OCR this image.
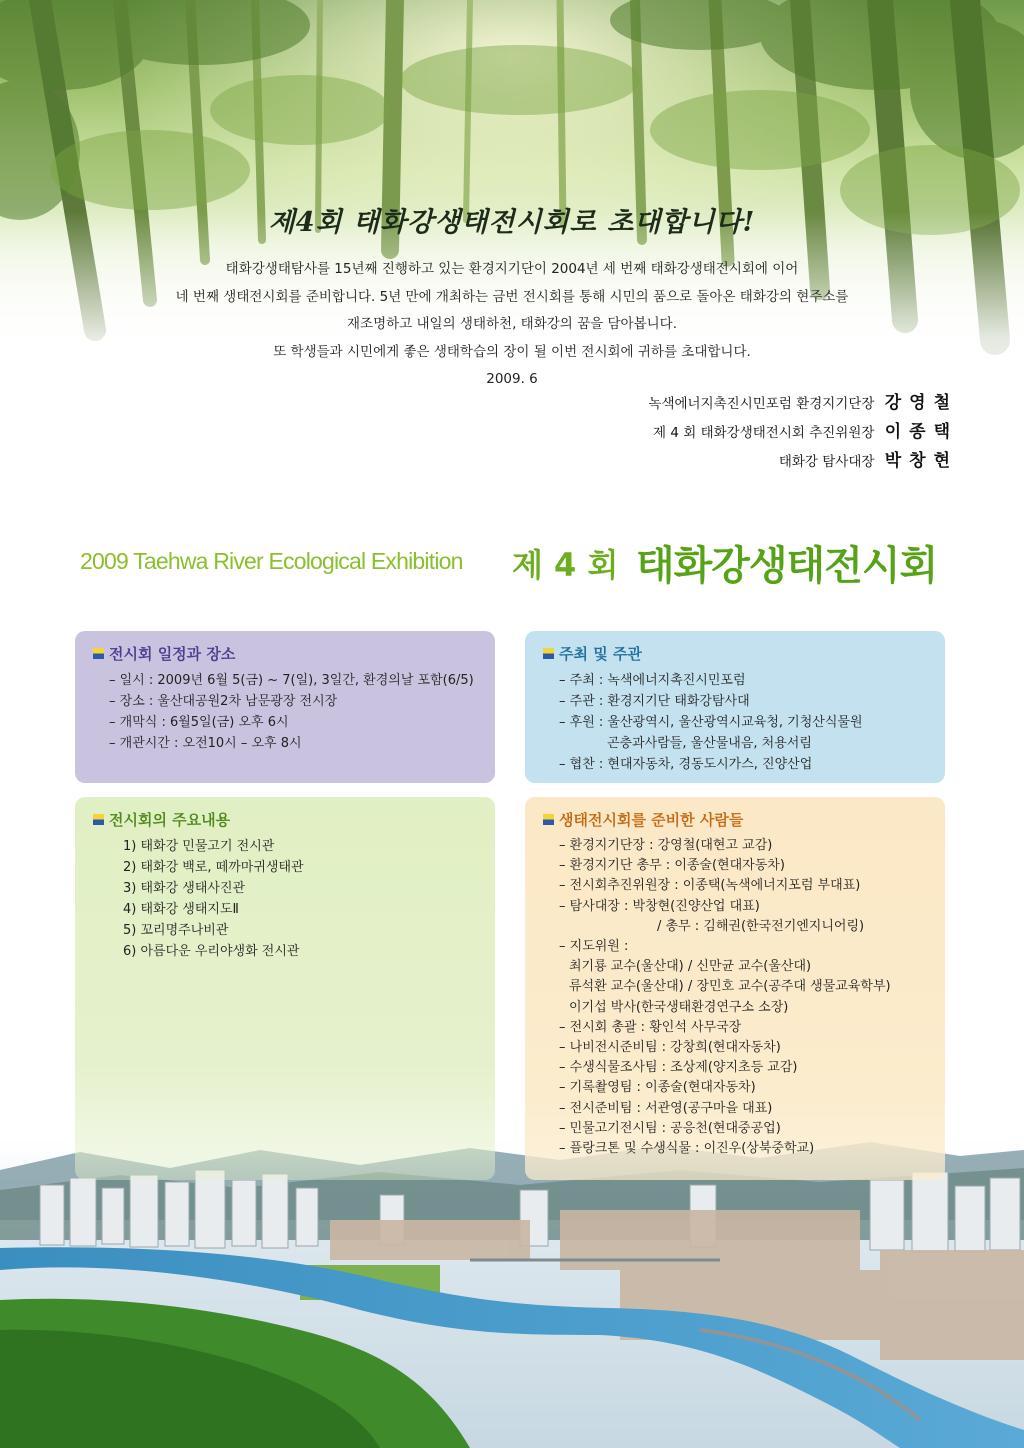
제4회 태화강생태전시회로 초대합니다!
태화강생태탐사를 15년째 진행하고 있는 환경지기단이 2004년 세 번째 태화강생태전시회에 이어
네 번째 생태전시회를 준비합니다. 5년 만에 개최하는 금번 전시회를 통해 시민의 품으로 돌아온 태화강의 현주소를
재조명하고 내일의 생태하천, 태화강의 꿈을 담아봅니다.
또 학생들과 시민에게 좋은 생태학습의 장이 될 이번 전시회에 귀하를 초대합니다.
2009. 6
녹색에너지촉진시민포럼 환경지기단장 강영철
제 4 회 태화강생태전시회 추진위원장 이종택
태화강 탐사대장 박창현
2009 Taehwa River Ecological Exhibition 제 4 회 태화강생태전시회
전시회 일정과 장소
– 일시 : 2009년 6월 5(금) ~ 7(일), 3일간, 환경의날 포함(6/5)
– 장소 : 울산대공원2차 남문광장 전시장
– 개막식 : 6월5일(금) 오후 6시
– 개관시간 : 오전10시 – 오후 8시
주최 및 주관
– 주최 : 녹색에너지촉진시민포럼
– 주관 : 환경지기단 태화강탐사대
– 후원 : 울산광역시, 울산광역시교육청, 기청산식물원
곤충과사람들, 울산물내음, 처용서림
– 협찬 : 현대자동차, 경동도시가스, 진양산업
전시회의 주요내용
1) 태화강 민물고기 전시관
2) 태화강 백로, 떼까마귀생태관
3) 태화강 생태사진관
4) 태화강 생태지도Ⅱ
5) 꼬리명주나비관
6) 아름다운 우리야생화 전시관
생태전시회를 준비한 사람들
– 환경지기단장 : 강영철(대현고 교감)
– 환경지기단 총무 : 이종술(현대자동차)
– 전시회추진위원장 : 이종택(녹색에너지포럼 부대표)
– 탐사대장 : 박창현(진양산업 대표)
/ 총무 : 김해권(한국전기엔지니어링)
– 지도위원 :
최기룡 교수(울산대) / 신만균 교수(울산대)
류석환 교수(울산대) / 장민호 교수(공주대 생물교육학부)
이기섭 박사(한국생태환경연구소 소장)
– 전시회 총괄 : 황인석 사무국장
– 나비전시준비팀 : 강창희(현대자동차)
– 수생식물조사팀 : 조상제(양지초등 교감)
– 기록촬영팀 : 이종술(현대자동차)
– 전시준비팀 : 서관영(공구마을 대표)
– 민물고기전시팀 : 공응천(현대중공업)
– 플랑크톤 및 수생식물 : 이진우(상북중학교)
